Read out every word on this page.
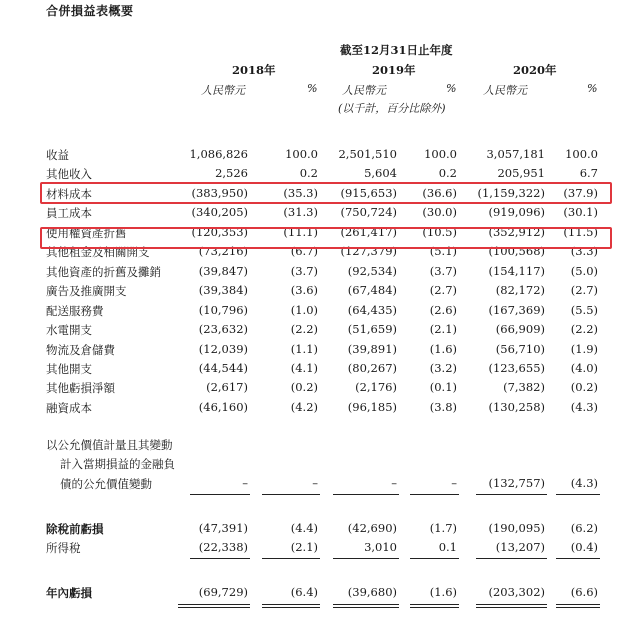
合併損益表概要
截至12月31日止年度
2018年	2019年	2020年
人民幣元	% 人民幣元	% 人民幣元	%
(以千計，百分比除外)
收益	1,086,826	100.0 2,501,510 100.0	3,057,181 100.0
其他收入	2,526	0.2	5,604	0.2	205,951	6.7
材料成本	(383,950)	(35.3) (915,653) (36.6) (1,159,322) (37.9)
員工成本	(340,205)	(31.3) (750,724) (30.0)	(919,096) (30.1)
使用權資產折舊	(120,353)	(11.1) (261,417) (10.5)	(352,912) (11.5)
其他租金及相關開支	(73,216)	(6.7) (127,379)	(5.1)	(100,568) (3.3)
其他資產的折舊及攤銷	(39,847)	(3.7)	(92,534)	(3.7)	(154,117) (5.0)
廣告及推廣開支	(39,384)	(3.6)	(67,484)	(2.7)	(82,172) (2.7)
配送服務費	(10,796)	(1.0)	(64,435)	(2.6)	(167,369) (5.5)
水電開支	(23,632)	(2.2)	(51,659)	(2.1)	(66,909) (2.2)
物流及倉儲費	(12,039)	(1.1)	(39,891)	(1.6)	(56,710) (1.9)
其他開支	(44,544)	(4.1)	(80,267)	(3.2)	(123,655) (4.0)
其他虧損淨額	(2,617)	(0.2)	(2,176)	(0.1)	(7,382) (0.2)
融資成本	(46,160)	(4.2)	(96,185)	(3.8)	(130,258) (4.3)
以公允價值計量且其變動
計入當期損益的金融負
債的公允價值變動	–	–	–	–	(132,757) (4.3)
除稅前虧損	(47,391)	(4.4)	(42,690)	(1.7)	(190,095) (6.2)
所得稅	(22,338)	(2.1)	3,010	0.1	(13,207) (0.4)
年內虧損	(69,729)	(6.4)	(39,680)	(1.6)	(203,302) (6.6)
